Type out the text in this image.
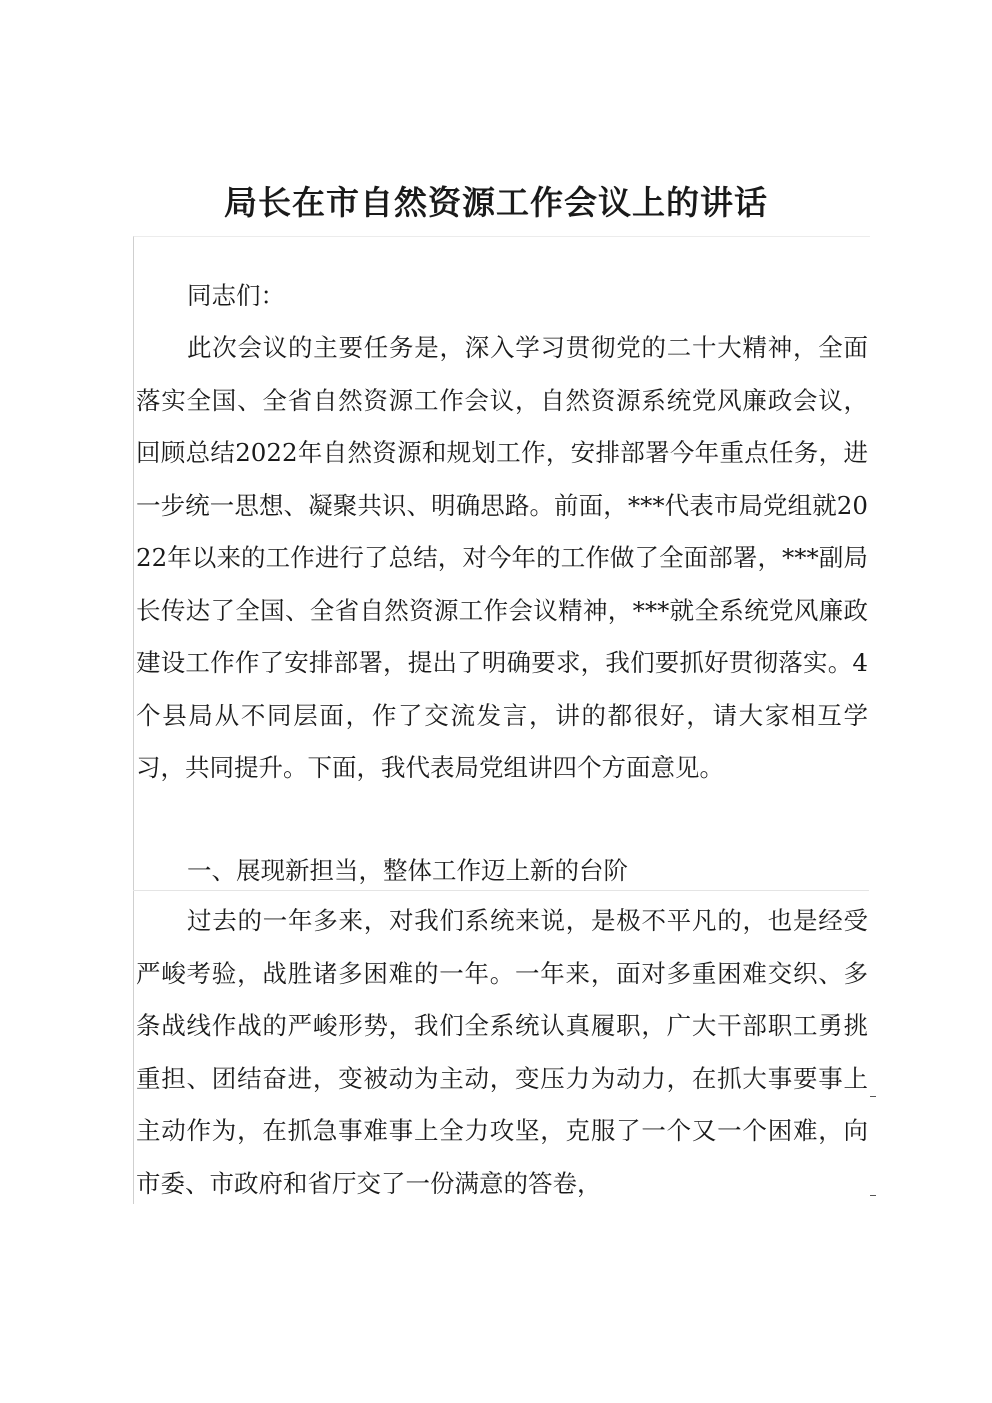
局长在市自然资源工作会议上的讲话

同志们：

此次会议的主要任务是，深入学习贯彻党的二十大精神，全面落实全国、全省自然资源工作会议，自然资源系统党风廉政会议，回顾总结2022年自然资源和规划工作，安排部署今年重点任务，进一步统一思想、凝聚共识、明确思路。前面，***代表市局党组就2022年以来的工作进行了总结，对今年的工作做了全面部署，***副局长传达了全国、全省自然资源工作会议精神，***就全系统党风廉政建设工作作了安排部署，提出了明确要求，我们要抓好贯彻落实。4个县局从不同层面，作了交流发言，讲的都很好，请大家相互学习，共同提升。下面，我代表局党组讲四个方面意见。

一、展现新担当，整体工作迈上新的台阶

过去的一年多来，对我们系统来说，是极不平凡的，也是经受严峻考验，战胜诸多困难的一年。一年来，面对多重困难交织、多条战线作战的严峻形势，我们全系统认真履职，广大干部职工勇挑重担、团结奋进，变被动为主动，变压力为动力，在抓大事要事上主动作为，在抓急事难事上全力攻坚，克服了一个又一个困难，向市委、市政府和省厅交了一份满意的答卷，
